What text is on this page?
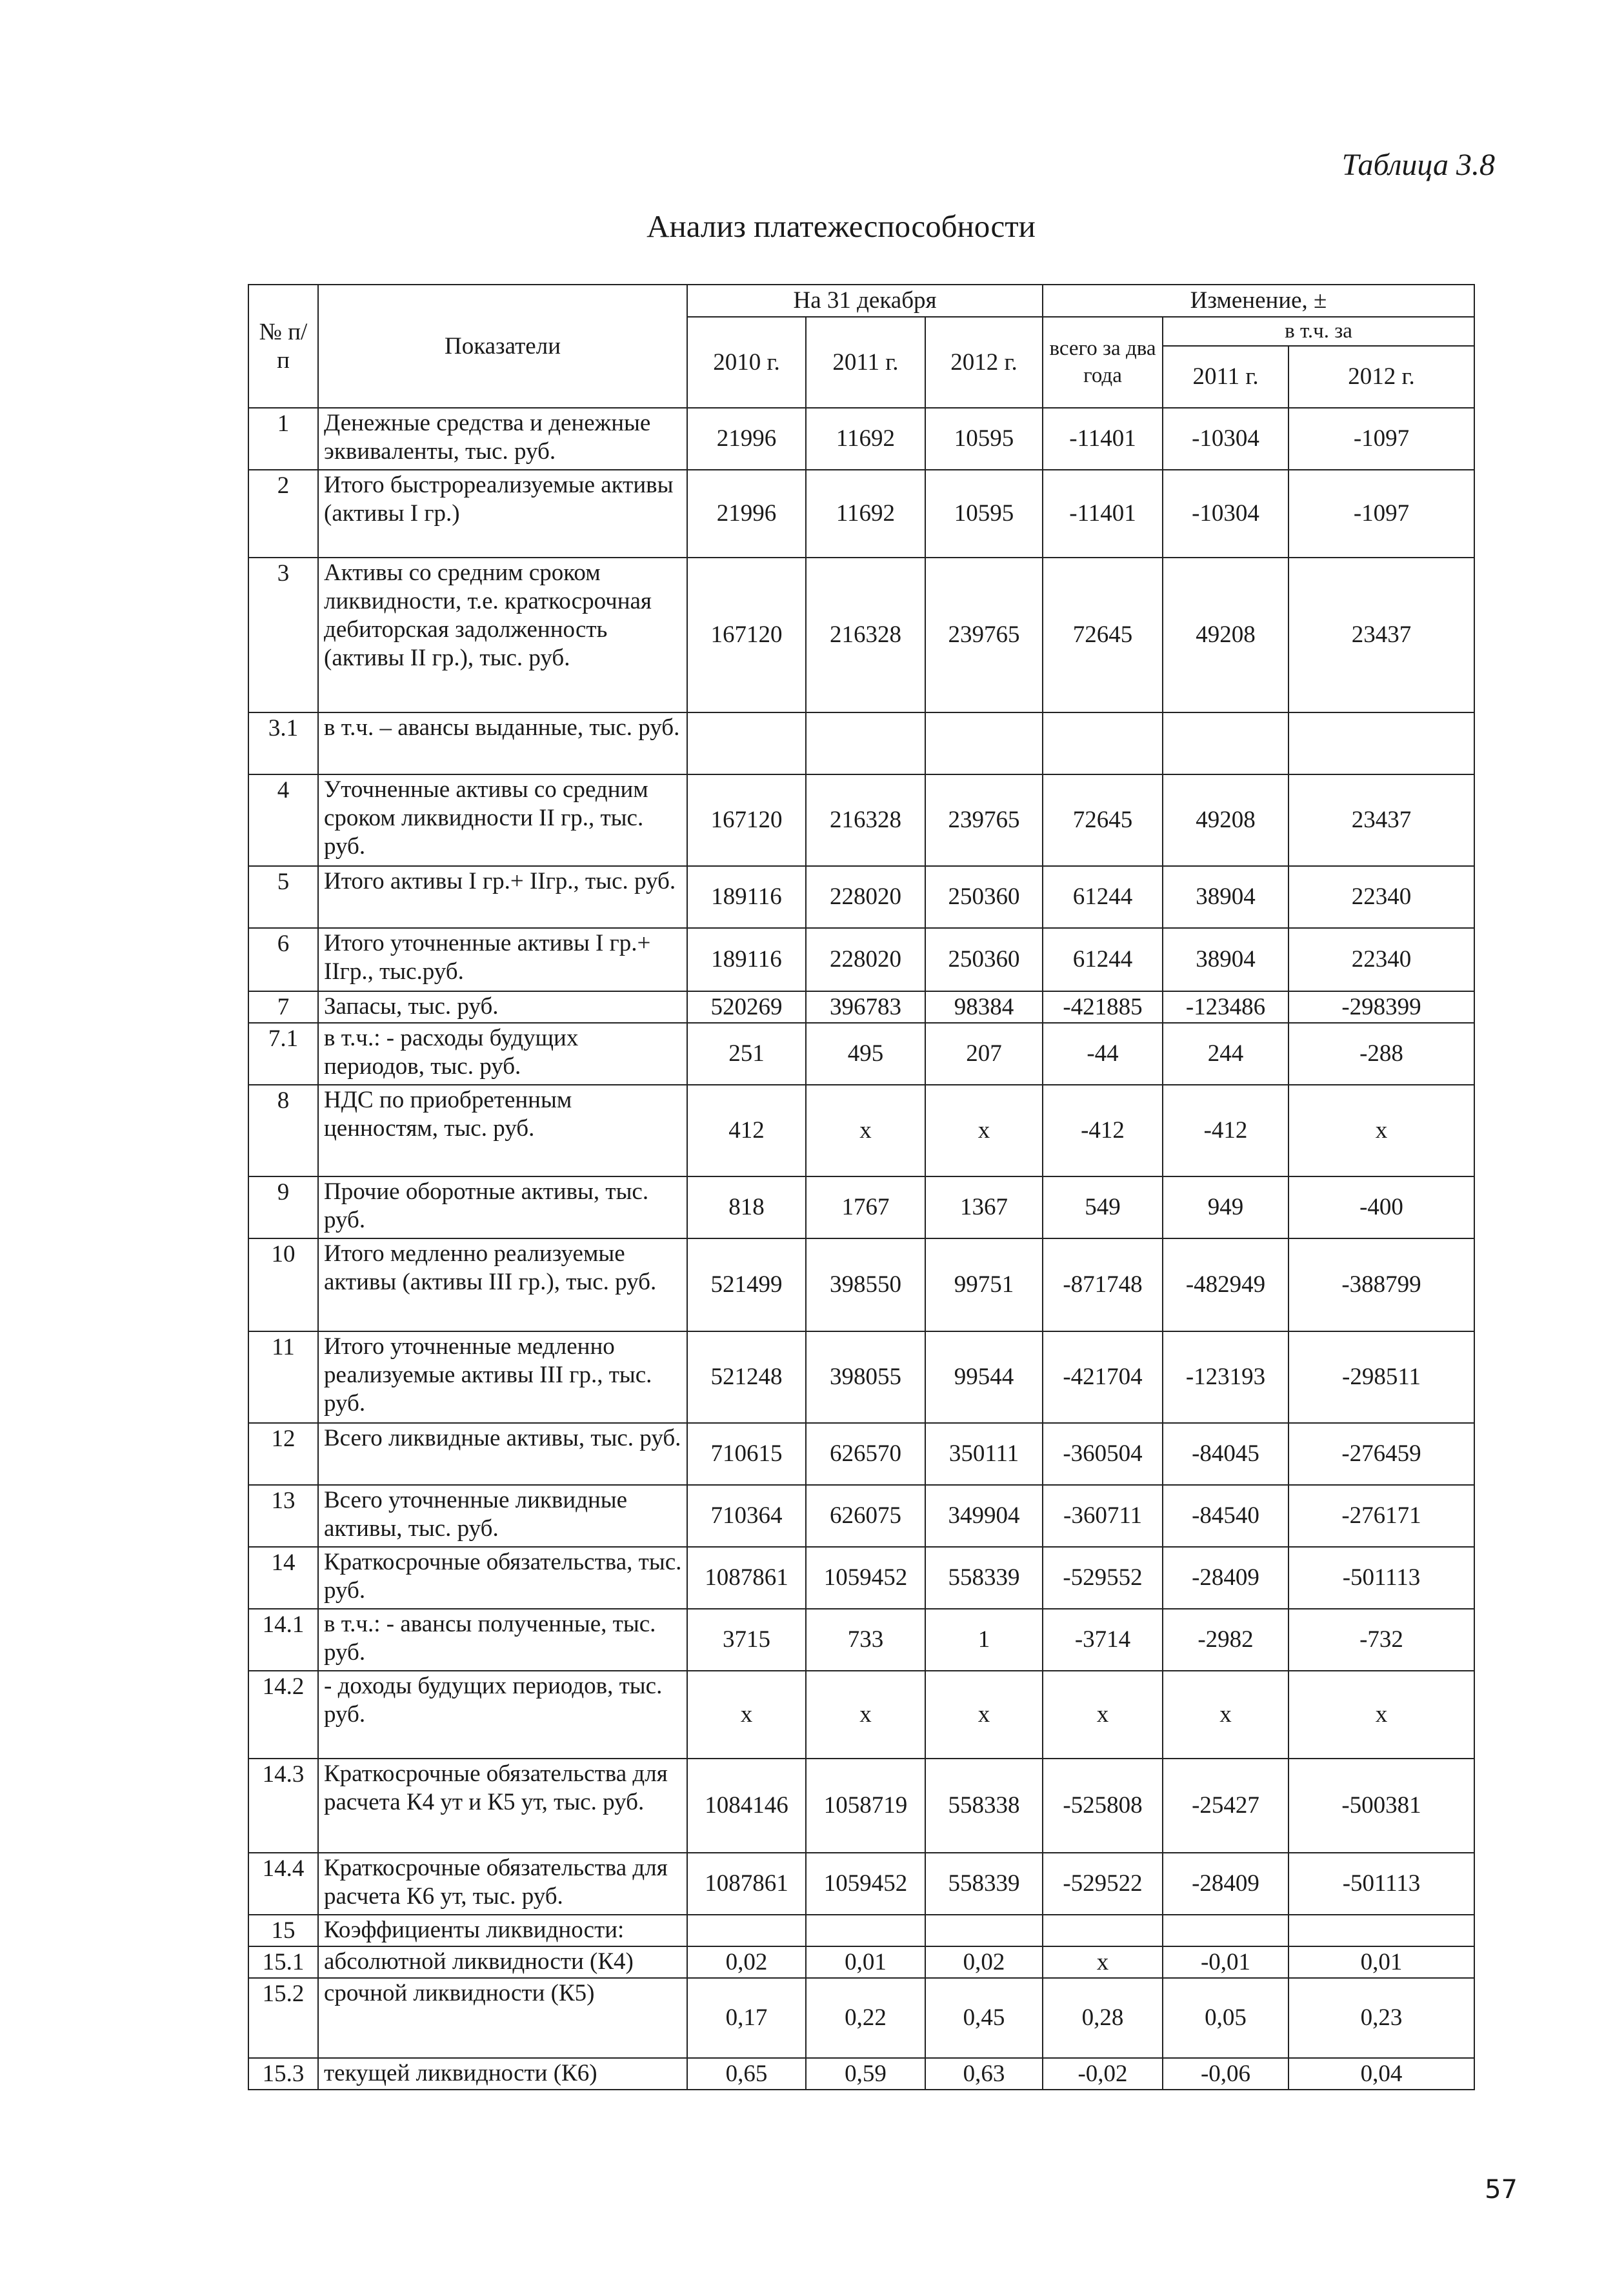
Таблица 3.8
Анализ платежеспособности
№ п/п	Показатели	На 31 декабря			Изменение, ±		
		2010 г.	2011 г.	2012 г.	всего за два года	в т.ч. за	
						2011 г.	2012 г.
1	Денежные средства и денежные эквиваленты, тыс. руб.	21996	11692	10595	-11401	-10304	-1097
2	Итого быстрореализуемые активы (активы I гр.)	21996	11692	10595	-11401	-10304	-1097
3	Активы со средним сроком ликвидности, т.е. краткосрочная дебиторская задолженность (активы II гр.), тыс. руб.	167120	216328	239765	72645	49208	23437
3.1	в т.ч. – авансы выданные, тыс. руб.						
4	Уточненные активы со средним сроком ликвидности II гр., тыс. руб.	167120	216328	239765	72645	49208	23437
5	Итого активы I гр.+ IIгр., тыс. руб.	189116	228020	250360	61244	38904	22340
6	Итого уточненные активы I гр.+ IIгр., тыс.руб.	189116	228020	250360	61244	38904	22340
7	Запасы, тыс. руб.	520269	396783	98384	-421885	-123486	-298399
7.1	в т.ч.: - расходы будущих периодов, тыс. руб.	251	495	207	-44	244	-288
8	НДС по приобретенным ценностям, тыс. руб.	412	x	x	-412	-412	x
9	Прочие оборотные активы, тыс. руб.	818	1767	1367	549	949	-400
10	Итого медленно реализуемые активы (активы III гр.), тыс. руб.	521499	398550	99751	-871748	-482949	-388799
11	Итого уточненные медленно реализуемые активы III гр., тыс. руб.	521248	398055	99544	-421704	-123193	-298511
12	Всего ликвидные активы, тыс. руб.	710615	626570	350111	-360504	-84045	-276459
13	Всего уточненные ликвидные активы, тыс. руб.	710364	626075	349904	-360711	-84540	-276171
14	Краткосрочные обязательства, тыс. руб.	1087861	1059452	558339	-529552	-28409	-501113
14.1	в т.ч.: - авансы полученные, тыс. руб.	3715	733	1	-3714	-2982	-732
14.2	- доходы будущих периодов, тыс. руб.	x	x	x	x	x	x
14.3	Краткосрочные обязательства для расчета К4 ут и К5 ут, тыс. руб.	1084146	1058719	558338	-525808	-25427	-500381
14.4	Краткосрочные обязательства для расчета К6 ут, тыс. руб.	1087861	1059452	558339	-529522	-28409	-501113
15	Коэффициенты ликвидности:						
15.1	абсолютной ликвидности (К4)	0,02	0,01	0,02	x	-0,01	0,01
15.2	срочной ликвидности (К5)	0,17	0,22	0,45	0,28	0,05	0,23
15.3	текущей ликвидности (К6)	0,65	0,59	0,63	-0,02	-0,06	0,04
57
